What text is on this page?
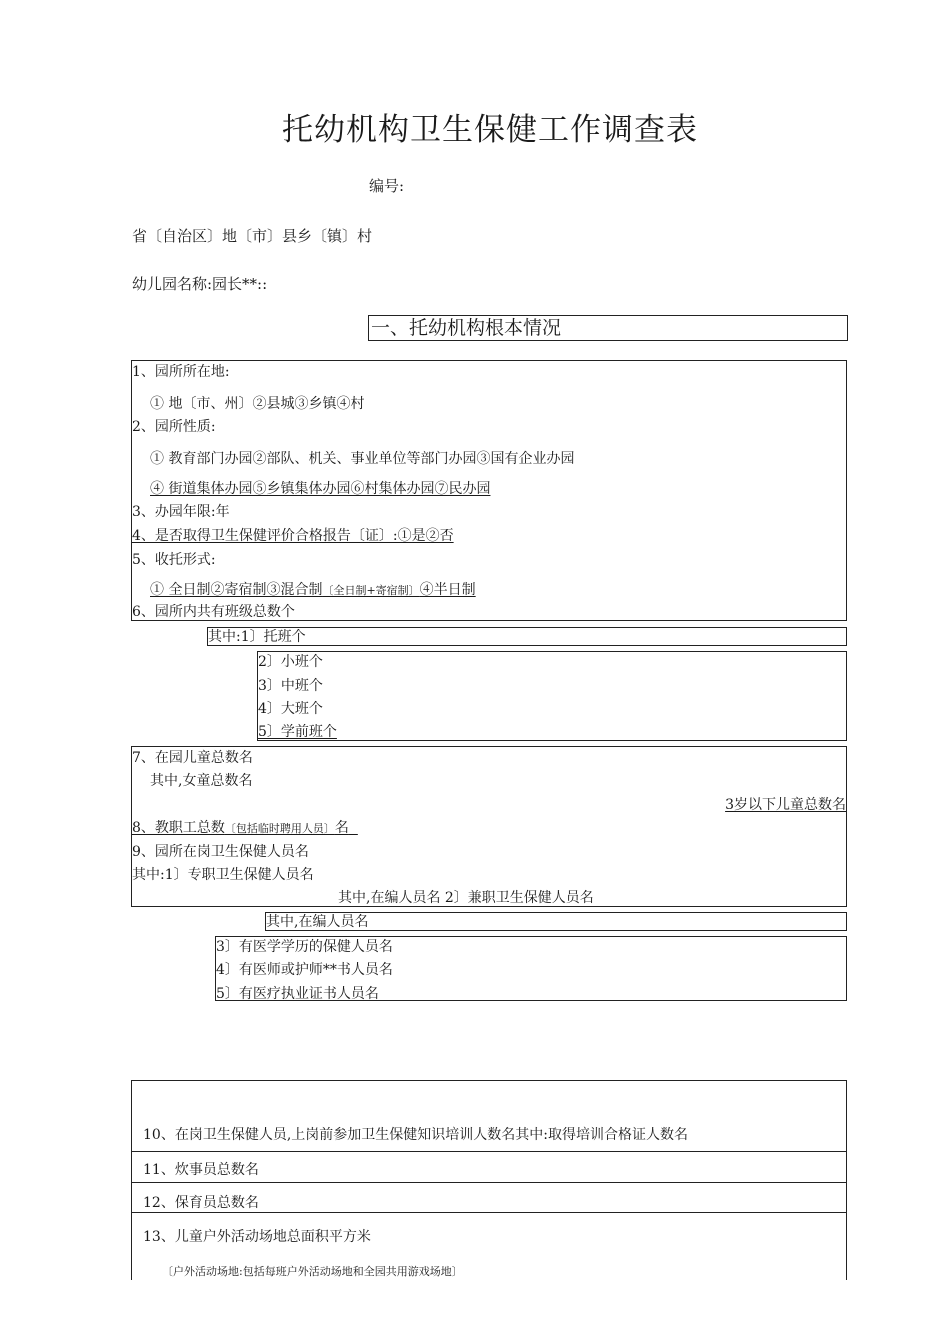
托幼机构卫生保健工作调查表
编号:
省〔自治区〕地〔市〕县乡〔镇〕村
幼儿园名称:园长**::
一、托幼机构根本情况
1、园所所在地:
① 地〔市、州〕②县城③乡镇④村
2、园所性质:
① 教育部门办园②部队、机关、事业单位等部门办园③国有企业办园
④ 街道集体办园⑤乡镇集体办园⑥村集体办园⑦民办园
3、办园年限:年
4、是否取得卫生保健评价合格报告〔证〕:①是②否
5、收托形式:
① 全日制②寄宿制③混合制〔全日制+寄宿制〕④半日制
6、园所内共有班级总数个
其中:1〕托班个
2〕小班个
3〕中班个
4〕大班个
5〕学前班个
7、在园儿童总数名
其中,女童总数名
3岁以下儿童总数名
8、教职工总数〔包括临时聘用人员〕名
9、园所在岗卫生保健人员名
其中:1〕专职卫生保健人员名
其中,在编人员名 2〕兼职卫生保健人员名
其中,在编人员名
3〕有医学学历的保健人员名
4〕有医师或护师**书人员名
5〕有医疗执业证书人员名
10、在岗卫生保健人员,上岗前参加卫生保健知识培训人数名其中:取得培训合格证人数名
11、炊事员总数名
12、保育员总数名
13、儿童户外活动场地总面积平方米
〔户外活动场地:包括每班户外活动场地和全园共用游戏场地〕
